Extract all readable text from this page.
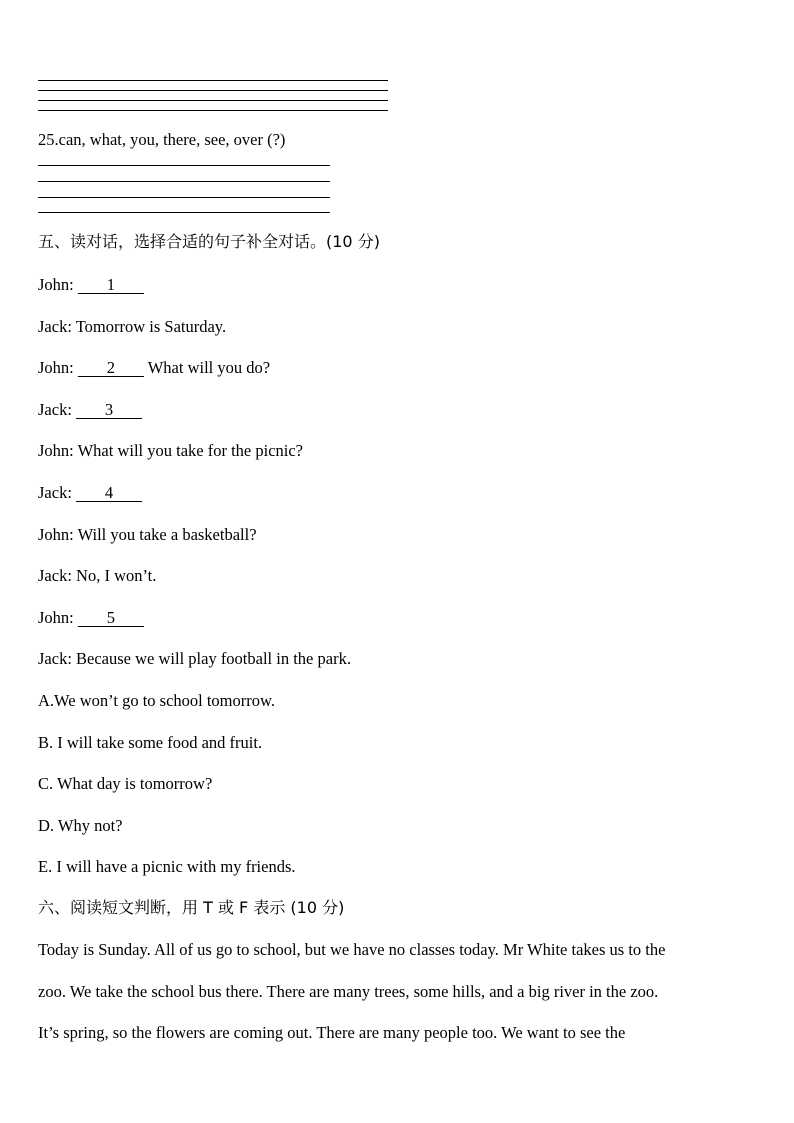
25.can, what, you, there, see, over (?)
五、读对话，选择合适的句子补全对话。(10 分)
John:        1
Jack: Tomorrow is Saturday.
John:        2        What will you do?
Jack:        3
John: What will you take for the picnic?
Jack:        4
John: Will you take a basketball?
Jack: No, I won’t.
John:        5
Jack: Because we will play football in the park.
A.We won’t go to school tomorrow.
B. I will take some food and fruit.
C. What day is tomorrow?
D. Why not?
E. I will have a picnic with my friends.
六、阅读短文判断，用 T 或 F 表示 (10 分)
Today is Sunday. All of us go to school, but we have no classes today. Mr White takes us to the
zoo. We take the school bus there. There are many trees, some hills, and a big river in the zoo.
It’s spring, so the flowers are coming out. There are many people too. We want to see the
